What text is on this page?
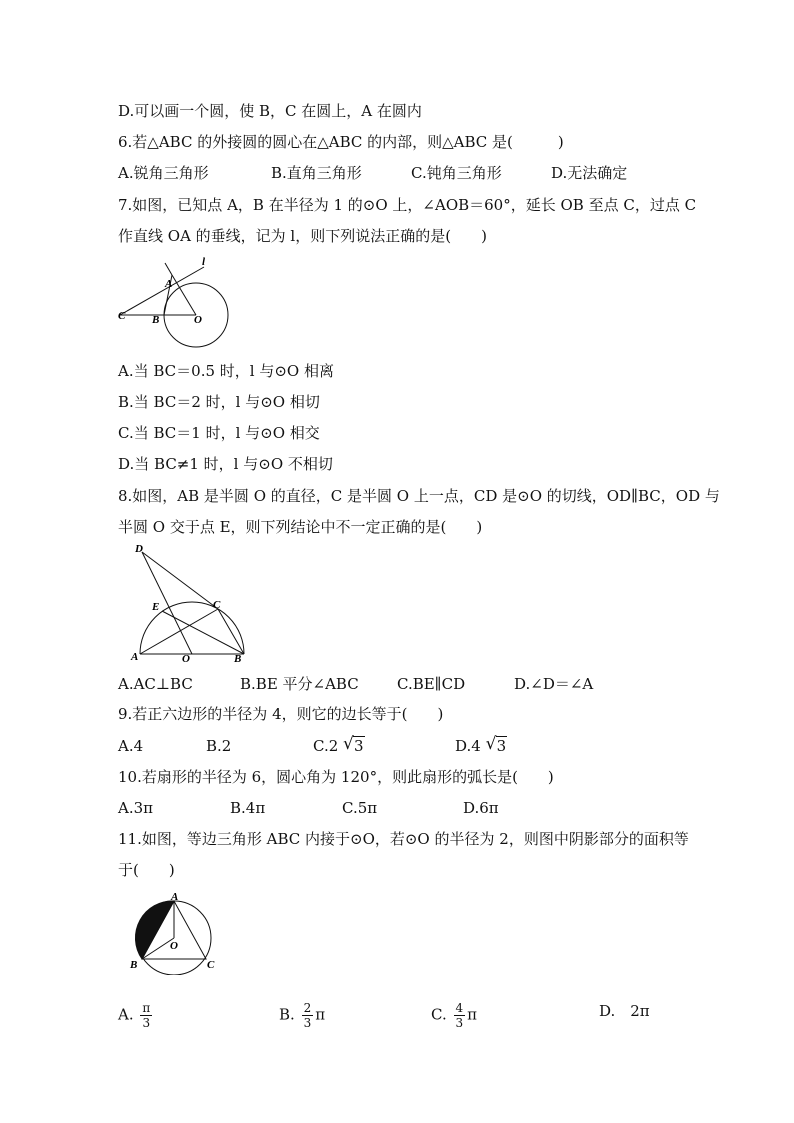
D.可以画一个圆，使 B，C 在圆上，A 在圆内
6.若△ABC 的外接圆的圆心在△ABC 的内部，则△ABC 是(　　　)
A.锐角三角形	B.直角三角形	C.钝角三角形	D.无法确定
7.如图，已知点 A，B 在半径为 1 的⊙O 上，∠AOB＝60°，延长 OB 至点 C，过点 C
作直线 OA 的垂线，记为 l，则下列说法正确的是(　　)
l
A
C B	O
A.当 BC＝0.5 时，l 与⊙O 相离
B.当 BC＝2 时，l 与⊙O 相切
C.当 BC＝1 时，l 与⊙O 相交
D.当 BC≠1 时，l 与⊙O 不相切
8.如图，AB 是半圆 O 的直径，C 是半圆 O 上一点，CD 是⊙O 的切线，OD∥BC，OD 与
半圆 O 交于点 E，则下列结论中不一定正确的是(　　)
D
E	C
A	O	B
A.AC⊥BC	B.BE 平分∠ABC	C.BE∥CD	D.∠D＝∠A
9.若正六边形的半径为 4，则它的边长等于(　　)
A.4	B.2	C.2 √ 3	D.4 √ 3
10.若扇形的半径为 6，圆心角为 120°，则此扇形的弧长是(　　)
A.3π	B.4π	C.5π	D.6π
11.如图，等边三角形 ABC 内接于⊙O，若⊙O 的半径为 2，则图中阴影部分的面积等
于(　　)
A
O
B	C
A. $\frac{\pi}{3}$	B. $\frac{2}{3}$ π	C. $\frac{4}{3}$ π	D.　2π
